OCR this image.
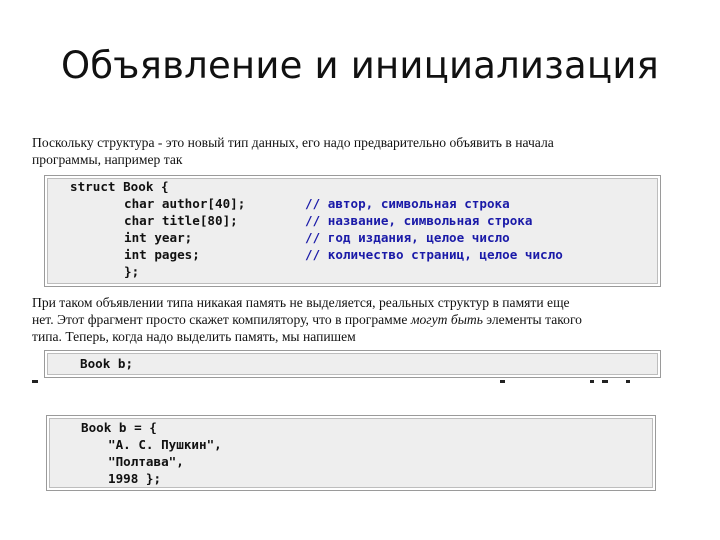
Объявление и инициализация
Поскольку структура - это новый тип данных, его надо предварительно объявить в начала
программы, например так
struct Book {
char author[40];	// автор, символьная строка
char title[80];	// название, символьная строка
int year;	// год издания, целое число
int pages;	// количество страниц, целое число
};
При таком объявлении типа никакая память не выделяется, реальных структур в памяти еще
нет. Этот фрагмент просто скажет компилятору, что в программе могут быть элементы такого
типа. Теперь, когда надо выделить память, мы напишем
Book b;
Book b = {
"А. С. Пушкин",
"Полтава",
1998 };
